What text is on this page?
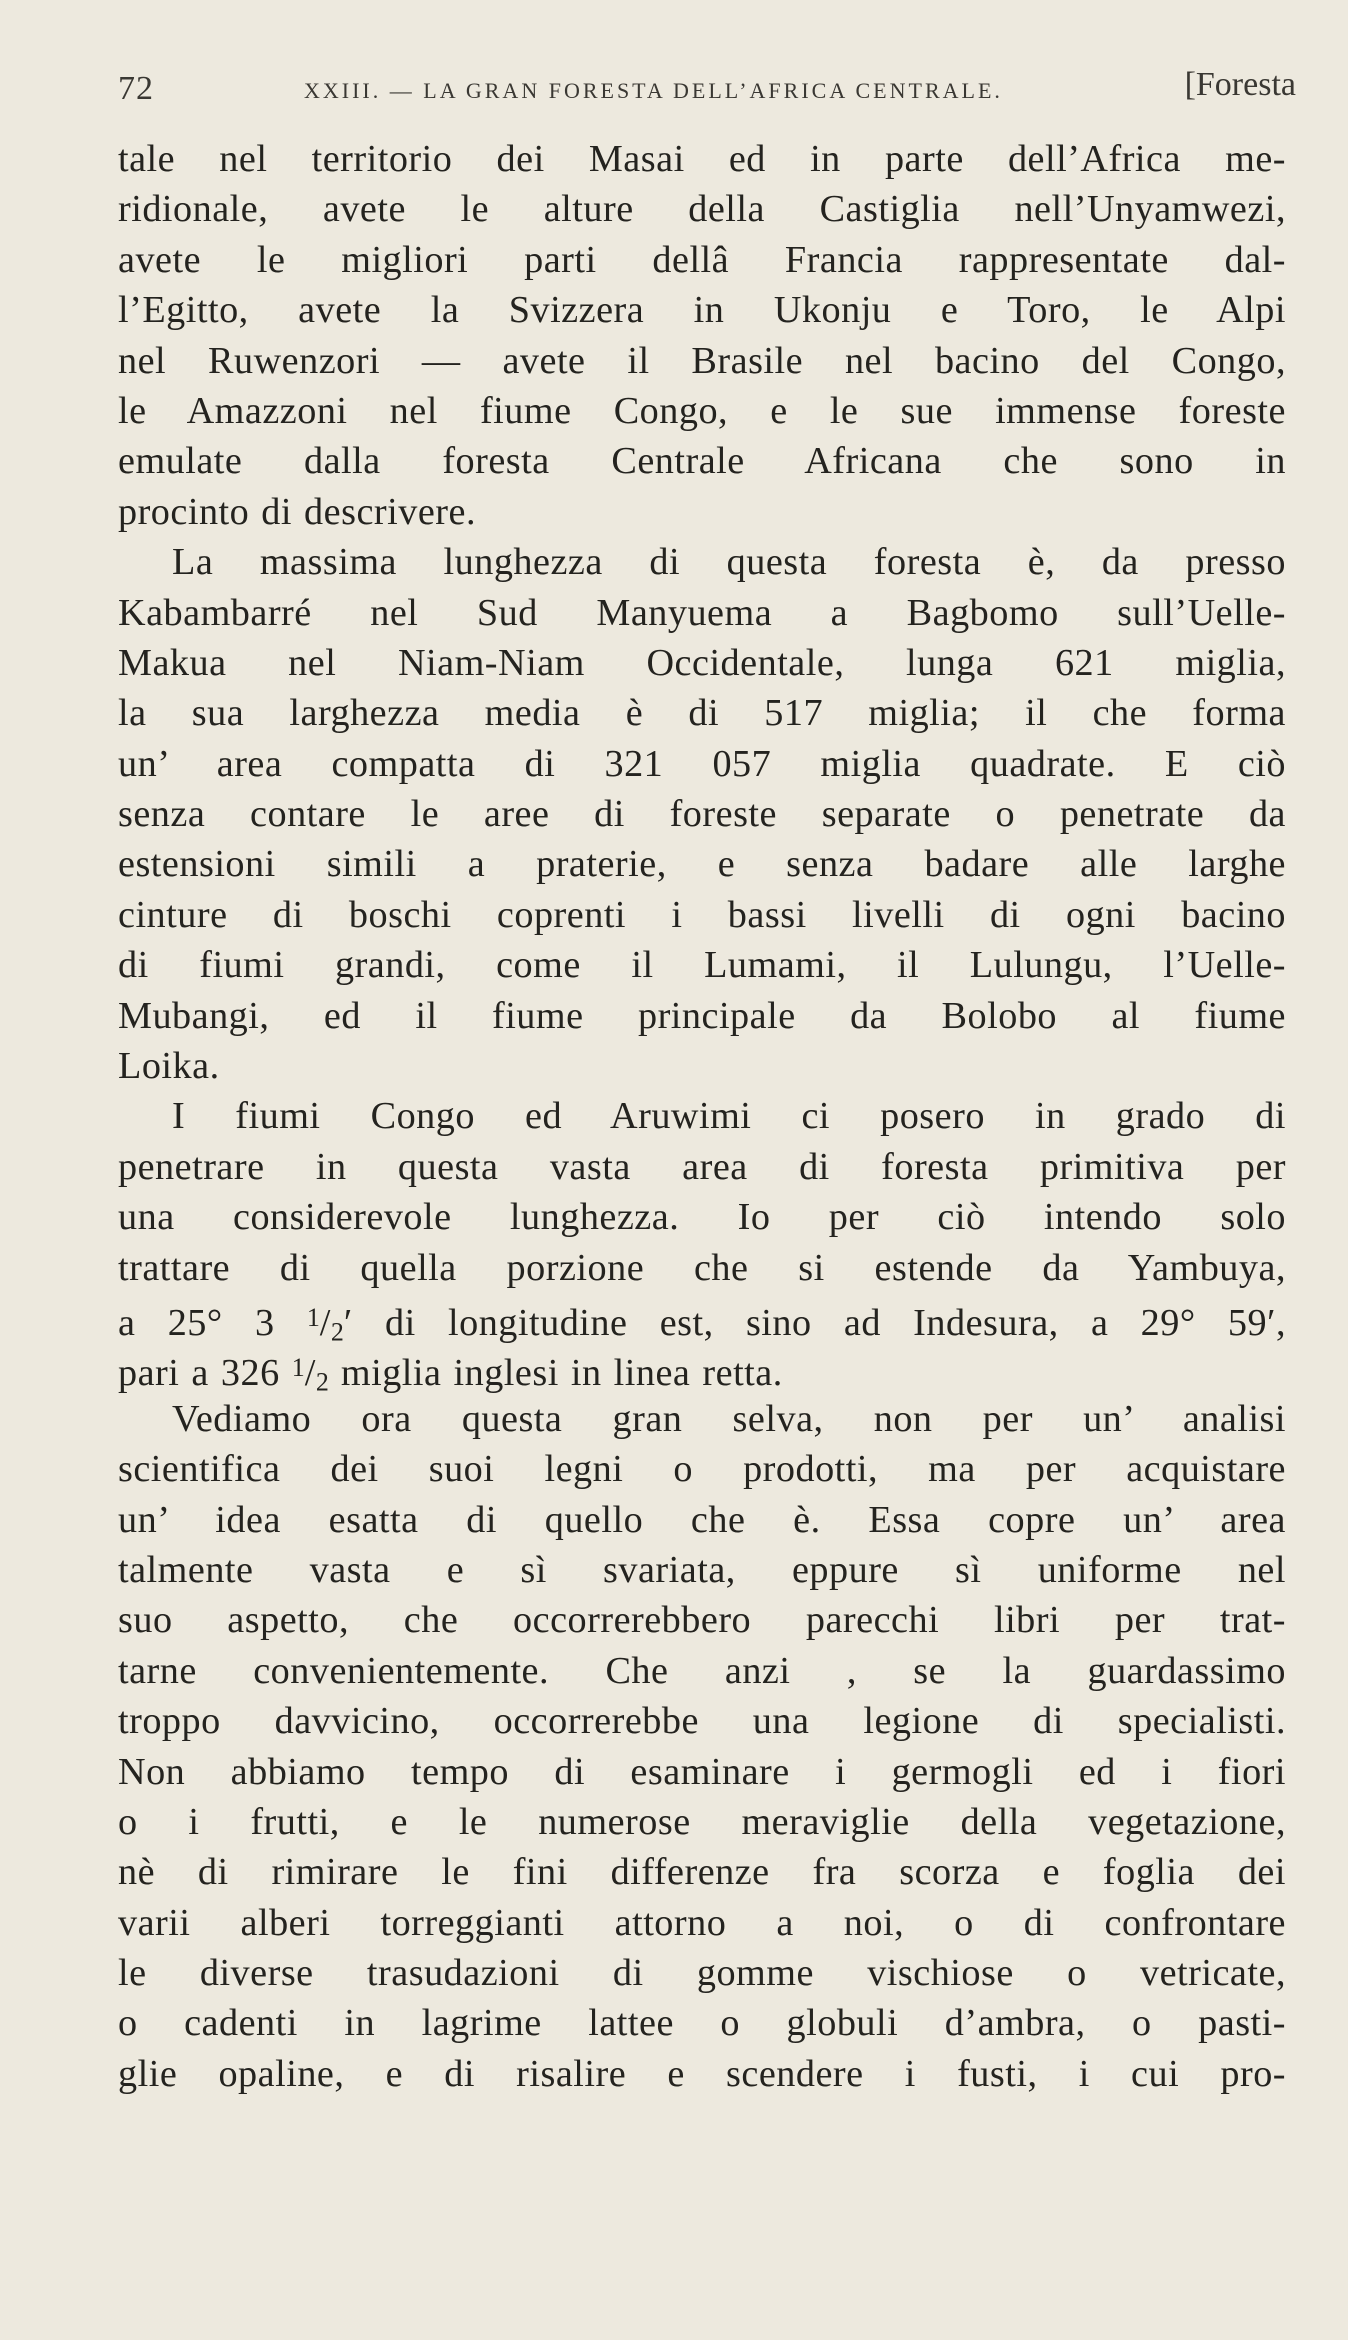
72	XXIII. — LA GRAN FORESTA DELL’AFRICA CENTRALE.	[Foresta
tale nel territorio dei Masai ed in parte dell’Africa me-
ridionale, avete le alture della Castiglia nell’Unyamwezi,
avete le migliori parti dellâ Francia rappresentate dal-
l’Egitto, avete la Svizzera in Ukonju e Toro, le Alpi
nel Ruwenzori — avete il Brasile nel bacino del Congo,
le Amazzoni nel fiume Congo, e le sue immense foreste
emulate dalla foresta Centrale Africana che sono in
procinto di descrivere.
La massima lunghezza di questa foresta è, da presso
Kabambarré nel Sud Manyuema a Bagbomo sull’Uelle-
Makua nel Niam-Niam Occidentale, lunga 621 miglia,
la sua larghezza media è di 517 miglia; il che forma
un’ area compatta di 321 057 miglia quadrate. E ciò
senza contare le aree di foreste separate o penetrate da
estensioni simili a praterie, e senza badare alle larghe
cinture di boschi coprenti i bassi livelli di ogni bacino
di fiumi grandi, come il Lumami, il Lulungu, l’Uelle-
Mubangi, ed il fiume principale da Bolobo al fiume
Loika.
I fiumi Congo ed Aruwimi ci posero in grado di
penetrare in questa vasta area di foresta primitiva per
una considerevole lunghezza. Io per ciò intendo solo
trattare di quella porzione che si estende da Yambuya,
a 25° 3 $^1$/2′ di longitudine est, sino ad Indesura, a 29° 59′,
pari a 326 $^1$/2 miglia inglesi in linea retta.
Vediamo ora questa gran selva, non per un’ analisi
scientifica dei suoi legni o prodotti, ma per acquistare
un’ idea esatta di quello che è. Essa copre un’ area
talmente vasta e sì svariata, eppure sì uniforme nel
suo aspetto, che occorrerebbero parecchi libri per trat-
tarne convenientemente. Che anzi , se la guardassimo
troppo davvicino, occorrerebbe una legione di specialisti.
Non abbiamo tempo di esaminare i germogli ed i fiori
o i frutti, e le numerose meraviglie della vegetazione,
nè di rimirare le fini differenze fra scorza e foglia dei
varii alberi torreggianti attorno a noi, o di confrontare
le diverse trasudazioni di gomme vischiose o vetricate,
o cadenti in lagrime lattee o globuli d’ambra, o pasti-
glie opaline, e di risalire e scendere i fusti, i cui pro-
